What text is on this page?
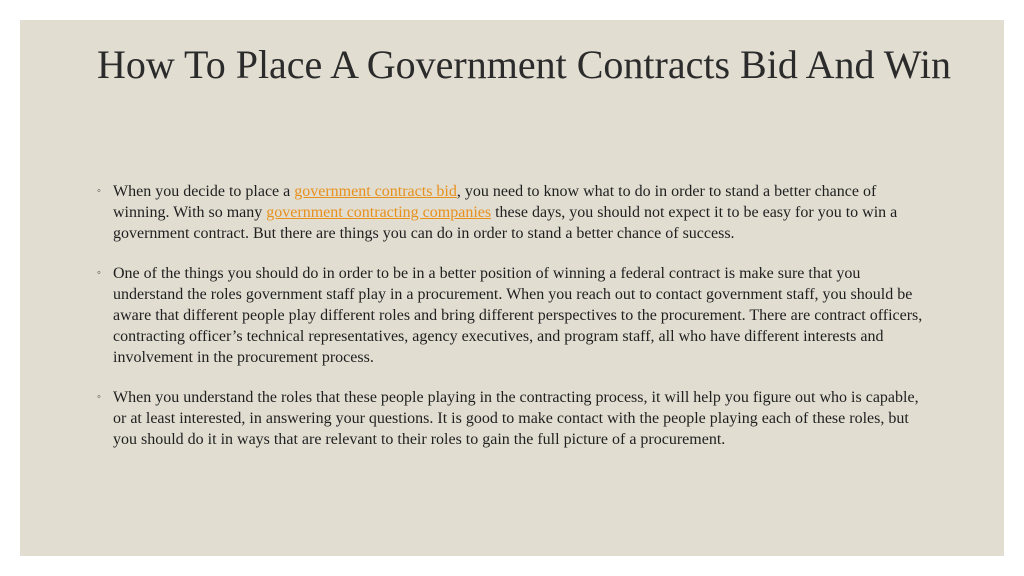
How To Place A Government Contracts Bid And Win
◦ When you decide to place a government contracts bid, you need to know what to do in order to stand a better chance of winning. With so many government contracting companies these days, you should not expect it to be easy for you to win a government contract. But there are things you can do in order to stand a better chance of success.
◦ One of the things you should do in order to be in a better position of winning a federal contract is make sure that you understand the roles government staff play in a procurement. When you reach out to contact government staff, you should be aware that different people play different roles and bring different perspectives to the procurement. There are contract officers, contracting officer’s technical representatives, agency executives, and program staff, all who have different interests and involvement in the procurement process.
◦ When you understand the roles that these people playing in the contracting process, it will help you figure out who is capable, or at least interested, in answering your questions. It is good to make contact with the people playing each of these roles, but you should do it in ways that are relevant to their roles to gain the full picture of a procurement.
